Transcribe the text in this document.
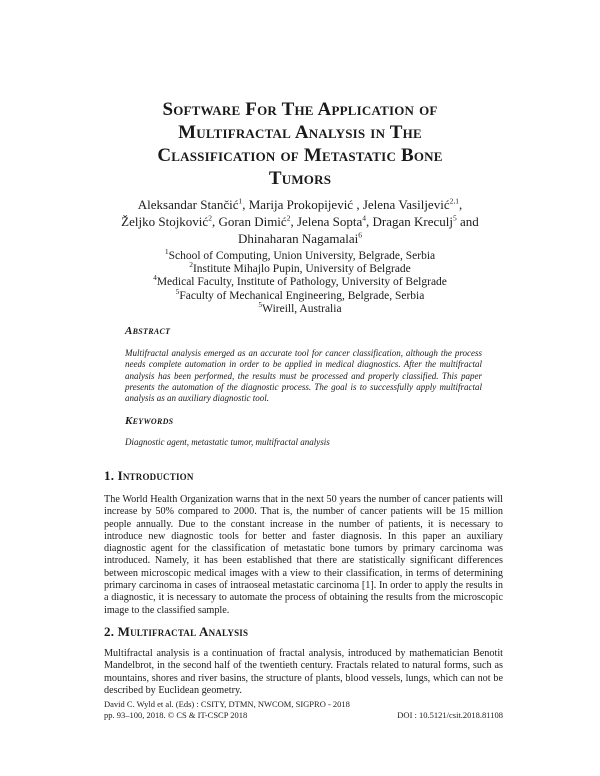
Software For The Application of
Multifractal Analysis in The
Classification of Metastatic Bone
Tumors
Aleksandar Stančić$^1$, Marija Prokopijević , Jelena Vasiljević$^{2,1}$,
Željko Stojković$^2$, Goran Dimić$^2$, Jelena Sopta$^4$, Dragan Kreculj$^5$ and
Dhinaharan Nagamalai$^6$
$^1$School of Computing, Union University, Belgrade, Serbia
$^2$Institute Mihajlo Pupin, University of Belgrade
$^4$Medical Faculty, Institute of Pathology, University of Belgrade
$^5$Faculty of Mechanical Engineering, Belgrade, Serbia
$^5$Wireill, Australia
Abstract
Multifractal analysis emerged as an accurate tool for cancer classification, although the process needs complete automation in order to be applied in medical diagnostics. After the multifractal analysis has been performed, the results must be processed and properly classified. This paper presents the automation of the diagnostic process. The goal is to successfully apply multifractal analysis as an auxiliary diagnostic tool.
Keywords
Diagnostic agent, metastatic tumor, multifractal analysis
1. Introduction
The World Health Organization warns that in the next 50 years the number of cancer patients will increase by 50% compared to 2000. That is, the number of cancer patients will be 15 million people annually. Due to the constant increase in the number of patients, it is necessary to introduce new diagnostic tools for better and faster diagnosis. In this paper an auxiliary diagnostic agent for the classification of metastatic bone tumors by primary carcinoma was introduced. Namely, it has been established that there are statistically significant differences between microscopic medical images with a view to their classification, in terms of determining primary carcinoma in cases of intraoseal metastatic carcinoma [1]. In order to apply the results in a diagnostic, it is necessary to automate the process of obtaining the results from the microscopic image to the classified sample.
2. Multifractal Analysis
Multifractal analysis is a continuation of fractal analysis, introduced by mathematician Benotit Mandelbrot, in the second half of the twentieth century. Fractals related to natural forms, such as mountains, shores and river basins, the structure of plants, blood vessels, lungs, which can not be described by Euclidean geometry.
David C. Wyld et al. (Eds) : CSITY, DTMN, NWCOM, SIGPRO - 2018
pp. 93–100, 2018. © CS & IT-CSCP 2018	DOI : 10.5121/csit.2018.81108
